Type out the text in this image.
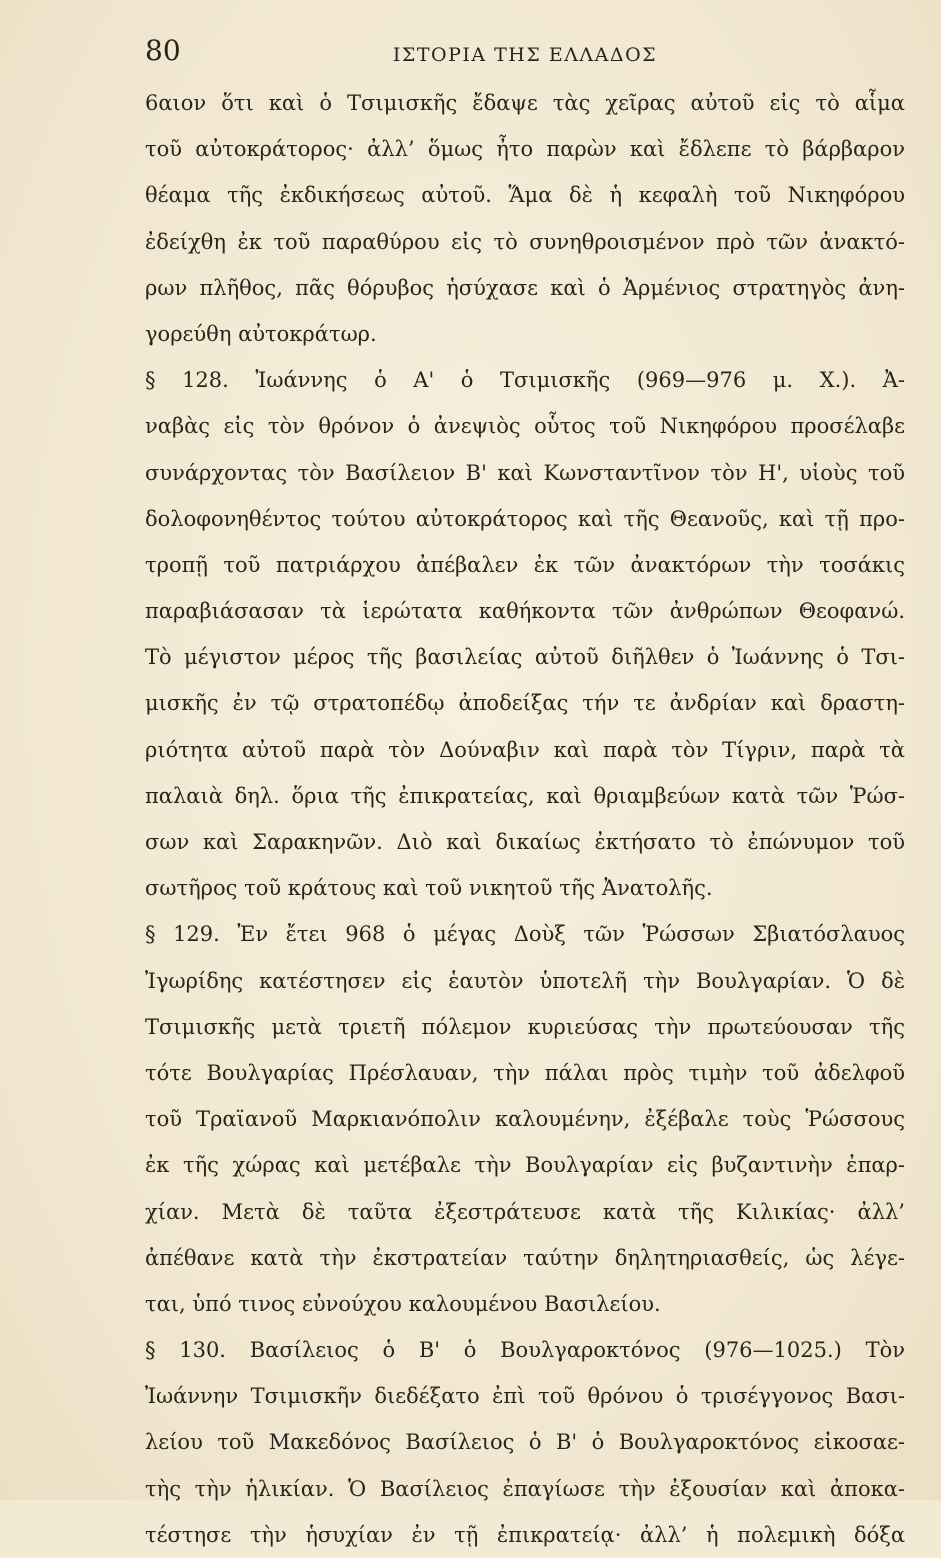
80	ΙΣΤΟΡΙΑ ΤΗΣ ΕΛΛΑΔΟΣ
6αιον ὅτι καὶ ὁ Τσιμισκῆς ἔδαψε τὰς χεῖρας αὐτοῦ εἰς τὸ αἷμα
τοῦ αὐτοκράτορος· ἀλλ’ ὅμως ἦτο παρὼν καὶ ἔδλεπε τὸ βάρβαρον
θέαμα τῆς ἐκδικήσεως αὐτοῦ. Ἅμα δὲ ἡ κεφαλὴ τοῦ Νικηφόρου
ἐδείχθη ἐκ τοῦ παραθύρου εἰς τὸ συνηθροισμένον πρὸ τῶν ἀνακτό-
ρων πλῆθος, πᾶς θόρυβος ἡσύχασε καὶ ὁ Ἀρμένιος στρατηγὸς ἀνη-
γορεύθη αὐτοκράτωρ.
§ 128. Ἰωάννης ὁ Α' ὁ Τσιμισκῆς (969—976 μ. Χ.). Ἀ-
ναβὰς εἰς τὸν θρόνον ὁ ἀνεψιὸς οὗτος τοῦ Νικηφόρου προσέλαβε
συνάρχοντας τὸν Βασίλειον Β' καὶ Κωνσταντῖνον τὸν Η', υἱοὺς τοῦ
δολοφονηθέντος τούτου αὐτοκράτορος καὶ τῆς Θεανοῦς, καὶ τῇ προ-
τροπῇ τοῦ πατριάρχου ἀπέβαλεν ἐκ τῶν ἀνακτόρων τὴν τοσάκις
παραβιάσασαν τὰ ἱερώτατα καθήκοντα τῶν ἀνθρώπων Θεοφανώ.
Τὸ μέγιστον μέρος τῆς βασιλείας αὐτοῦ διῆλθεν ὁ Ἰωάννης ὁ Τσι-
μισκῆς ἐν τῷ στρατοπέδῳ ἀποδείξας τήν τε ἀνδρίαν καὶ δραστη-
ριότητα αὐτοῦ παρὰ τὸν Δούναβιν καὶ παρὰ τὸν Τίγριν, παρὰ τὰ
παλαιὰ δηλ. ὅρια τῆς ἐπικρατείας, καὶ θριαμβεύων κατὰ τῶν Ῥώσ-
σων καὶ Σαρακηνῶν. Διὸ καὶ δικαίως ἐκτήσατο τὸ ἐπώνυμον τοῦ
σωτῆρος τοῦ κράτους καὶ τοῦ νικητοῦ τῆς Ἀνατολῆς.
§ 129. Ἐν ἔτει 968 ὁ μέγας Δοὺξ τῶν Ῥώσσων Σβιατόσλαυος
Ἰγωρίδης κατέστησεν εἰς ἑαυτὸν ὑποτελῆ τὴν Βουλγαρίαν. Ὁ δὲ
Τσιμισκῆς μετὰ τριετῆ πόλεμον κυριεύσας τὴν πρωτεύουσαν τῆς
τότε Βουλγαρίας Πρέσλαυαν, τὴν πάλαι πρὸς τιμὴν τοῦ ἀδελφοῦ
τοῦ Τραϊανοῦ Μαρκιανόπολιν καλουμένην, ἐξέβαλε τοὺς Ῥώσσους
ἐκ τῆς χώρας καὶ μετέβαλε τὴν Βουλγαρίαν εἰς βυζαντινὴν ἐπαρ-
χίαν. Μετὰ δὲ ταῦτα ἐξεστράτευσε κατὰ τῆς Κιλικίας· ἀλλ’
ἀπέθανε κατὰ τὴν ἐκστρατείαν ταύτην δηλητηριασθείς, ὡς λέγε-
ται, ὑπό τινος εὐνούχου καλουμένου Βασιλείου.
§ 130. Βασίλειος ὁ Β' ὁ Βουλγαροκτόνος (976—1025.) Τὸν
Ἰωάννην Τσιμισκῆν διεδέξατο ἐπὶ τοῦ θρόνου ὁ τρισέγγονος Βασι-
λείου τοῦ Μακεδόνος Βασίλειος ὁ Β' ὁ Βουλγαροκτόνος εἰκοσαε-
τὴς τὴν ἡλικίαν. Ὁ Βασίλειος ἐπαγίωσε τὴν ἐξουσίαν καὶ ἀποκα-
τέστησε τὴν ἡσυχίαν ἐν τῇ ἐπικρατείᾳ· ἀλλ’ ἡ πολεμικὴ δόξα
